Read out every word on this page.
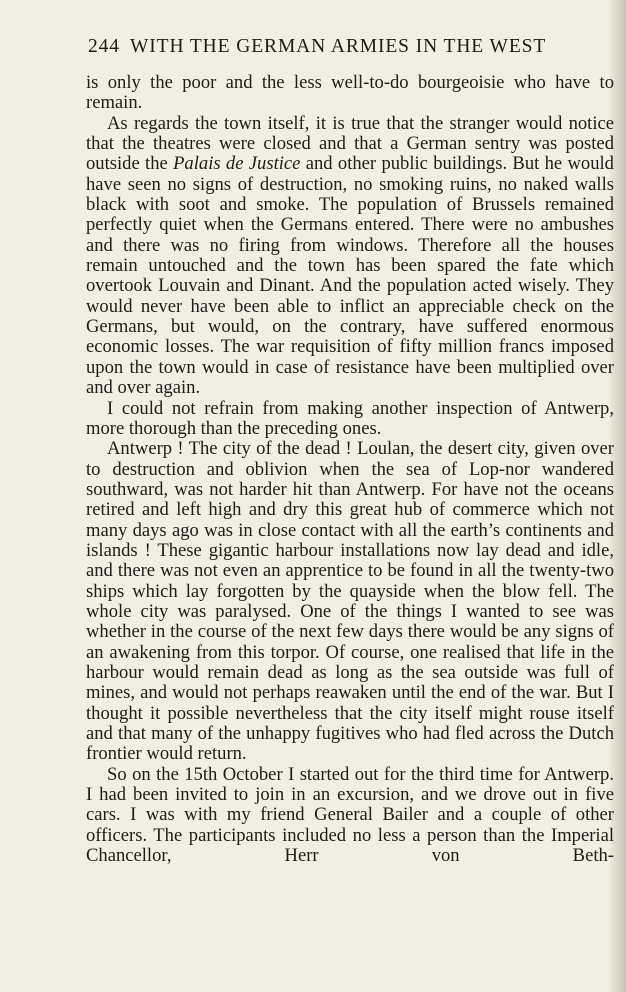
244 WITH THE GERMAN ARMIES IN THE WEST

is only the poor and the less well-to-do bourgeoisie who have to remain.

As regards the town itself, it is true that the stranger would notice that the theatres were closed and that a German sentry was posted outside the Palais de Justice and other public buildings. But he would have seen no signs of destruction, no smoking ruins, no naked walls black with soot and smoke. The population of Brussels remained perfectly quiet when the Germans entered. There were no ambushes and there was no firing from windows. Therefore all the houses remain untouched and the town has been spared the fate which overtook Louvain and Dinant. And the population acted wisely. They would never have been able to inflict an appreciable check on the Germans, but would, on the contrary, have suffered enormous economic losses. The war requisition of fifty million francs imposed upon the town would in case of resistance have been multiplied over and over again.

I could not refrain from making another inspection of Antwerp, more thorough than the preceding ones.

Antwerp ! The city of the dead ! Loulan, the desert city, given over to destruction and oblivion when the sea of Lop-nor wandered southward, was not harder hit than Antwerp. For have not the oceans retired and left high and dry this great hub of commerce which not many days ago was in close contact with all the earth’s continents and islands ! These gigantic harbour installations now lay dead and idle, and there was not even an apprentice to be found in all the twenty-two ships which lay forgotten by the quayside when the blow fell. The whole city was paralysed. One of the things I wanted to see was whether in the course of the next few days there would be any signs of an awakening from this torpor. Of course, one realised that life in the harbour would remain dead as long as the sea outside was full of mines, and would not perhaps reawaken until the end of the war. But I thought it possible nevertheless that the city itself might rouse itself and that many of the unhappy fugitives who had fled across the Dutch frontier would return.

So on the 15th October I started out for the third time for Antwerp. I had been invited to join in an excursion, and we drove out in five cars. I was with my friend General Bailer and a couple of other officers. The participants included no less a person than the Imperial Chancellor, Herr von Beth-
